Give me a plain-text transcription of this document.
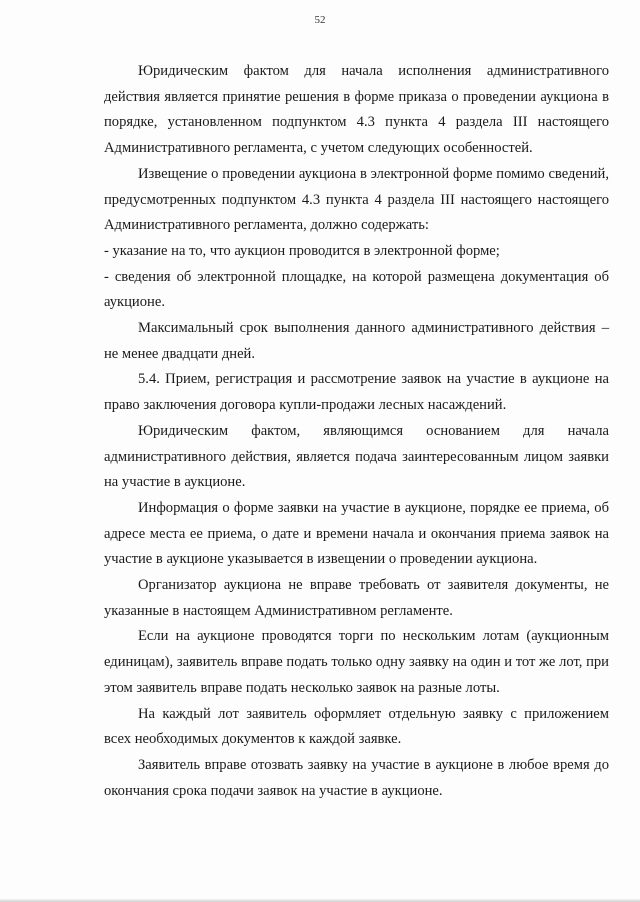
52

Юридическим фактом для начала исполнения административного действия является принятие решения в форме приказа о проведении аукциона в порядке, установленном подпунктом 4.3 пункта 4 раздела III настоящего Административного регламента, с учетом следующих особенностей.

Извещение о проведении аукциона в электронной форме помимо сведений, предусмотренных подпунктом 4.3 пункта 4 раздела III настоящего настоящего Административного регламента, должно содержать:

- указание на то, что аукцион проводится в электронной форме;

- сведения об электронной площадке, на которой размещена документация об аукционе.

Максимальный срок выполнения данного административного действия – не менее двадцати дней.

5.4. Прием, регистрация и рассмотрение заявок на участие в аукционе на право заключения договора купли-продажи лесных насаждений.

Юридическим фактом, являющимся основанием для начала административного действия, является подача заинтересованным лицом заявки на участие в аукционе.

Информация о форме заявки на участие в аукционе, порядке ее приема, об адресе места ее приема, о дате и времени начала и окончания приема заявок на участие в аукционе указывается в извещении о проведении аукциона.

Организатор аукциона не вправе требовать от заявителя документы, не указанные в настоящем Административном регламенте.

Если на аукционе проводятся торги по нескольким лотам (аукционным единицам), заявитель вправе подать только одну заявку на один и тот же лот, при этом заявитель вправе подать несколько заявок на разные лоты.

На каждый лот заявитель оформляет отдельную заявку с приложением всех необходимых документов к каждой заявке.

Заявитель вправе отозвать заявку на участие в аукционе в любое время до окончания срока подачи заявок на участие в аукционе.
